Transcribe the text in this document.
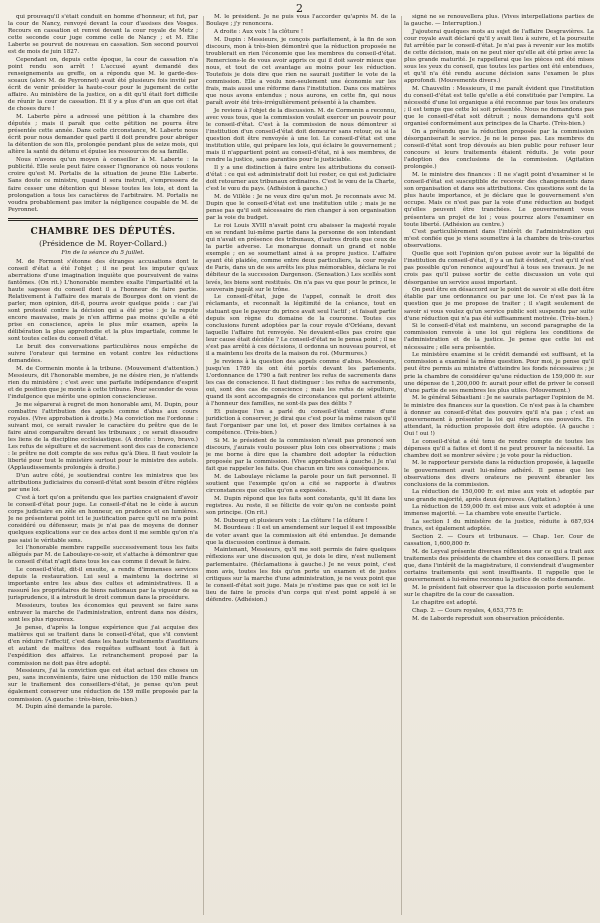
2

qui prouvaqu'il s'était conduit en homme d'honneur, et fut, par la cour de Nancy, renvoyé devant la cour d'assises des Vosges. Recours en cassation et renvoi devant la cour royale de Metz ; cette seconde cour juge comme celle de Nancy ; et M. Elie Laberte se pourvut de nouveau en cassation. Son second pourvoi est de mois de juin 1827.

Cependant on, depuis cette époque, la cour de cassation n'a point rendu son arrêt ! L'accusé ayant demandé des renseignements au greffe, on a répondu que M. le garde-des-sceaux (alors M. de Peyronnet) avait été plusieurs fois invité par écrit de venir présider la haute-cour pour le jugement de cette affaire. Au ministère de la justice, on a dit qu'il était fort difficile de réunir la cour de cassation. Et il y a plus d'un an que cet état de choses dure !

M. Laberte père a adressé une pétition à la chambre des députés ; mais il paraît que cette pétition ne pourra être présentée cette année. Dans cette circonstance, M. Laberte nous écrit pour nous demander quel parti il doit prendre pour abréger la détention de son fils, prolongée pendant plus de seize mois, qui altère la santé du détenu et épuise les ressources de sa famille.

Nous n'avons qu'un moyen à conseiller à M. Laberte : la publicité. Elle seule peut faire cesser l'ignorance où nous voulons croire qu'est M. Portalis de la situation de jeune Elie Laberte. Sans doute ce ministre, quand il sera instruit, s'empressera de faire cesser une détention qui blesse toutes les lois, et dont la prolongation a tous les caractères de l'arbitraire. M. Portalis ne voudra probablement pas imiter la négligence coupable de M. de Peyronnet.

CHAMBRE DES DÉPUTÉS.
(Présidence de M. Royer-Collard.)
Fin de la séance du 5 juillet.

M. de Formont s'étonne des étranges accusations dont le conseil d'état a été l'objet ; il ne peut les imputer qu'aux aberrations d'une imagination inquiète que poursuivent de vains fantômes. (On rit.) L'honorable membre exalte l'impartialité et la haute sagesse du conseil dont il a l'honneur de faire partie. Relativement à l'affaire des marais de Bourges dont on vient de parler, mon opinion, dit-il, pourra avoir quelque poids : car j'ai sont protesté contre la décision qui a été prise : je la repute encore mauvaise, mais je n'en affirme pas moins qu'elle a été prise en conscience, après le plus mûr examen, après la délibération la plus approfondie et la plus impartiale, comme le sont toutes celles du conseil d'état.

Le bruit des conversations particulières nous empêche de suivre l'orateur qui termine en votant contre les réductions demandées.

M. de Cormenin monte à la tribune. (Mouvement d'attention.) Messieurs, dit l'honorable membre, je ne désire rien, je n'attends rien du ministère ; c'est avec une parfaite indépendance d'esprit et de position que je monte à cette tribune. Pour seconder de vous l'indulgence que mérite une opinion consciencieuse.

Je me séparerai à regret de mon honorable ami, M. Dupin, pour combattre l'attribution des appels comme d'abus aux cours royales. (Vive approbation à droite.) Ma conviction me l'ordonne : suivant moi, ce serait ravaler le caractère du prêtre que de le faire ainsi comparaître devant les tribunaux ; ce serait dissoudre les liens de la discipline ecclésiastique. (A droite : bravo, bravo.) Les refus de sépulture et de sacrement sont des cas de conscience : le prêtre ne doit compte de ses refus qu'à Dieu. Il faut vouloir la liberté pour tout le ministère surtout pour le ministre des autels. (Applaudissements prolongés à droite.)

D'un autre côté, je soutiendrai contre les ministres que les attributions judiciaires du conseil-d'état sont besoin d'être réglées par une loi.

C'est à tort qu'on a prétendu que les parties craignaient d'avoir le conseil-d'état pour juge. Le conseil-d'état ne le cède à aucun corps judiciaire en zèle en honneur, en prudence et en lumières. Je ne présenterai point ici le justification parce qu'il ne m'a point considéré ou défenseur, mais je n'ai pas de moyens de donner quelques explications sur ce des actes dont il me semble qu'on n'a pas saisi le véritable sens.

Ici l'honorable membre rappelle successivement tous les faits allégués par M. de Laboulaye-ce-soir, et s'attache à démontrer que le conseil d'état n'agit dans tous les cas comme il devait le faire.

Le conseil-d'état, dit-il ensuite, a rendu d'immenses services depuis la restauration. Lui seul a maintenu la doctrine si importante entre les abus des cultes et administratives. Il a rassuré les propriétaires de biens nationaux par la vigueur de sa jurisprudence, il a introduit le droit commun dans la procédure.

Messieurs, toutes les économies qui peuvent se faire sans entraver la marche de l'administration, entrent dans nos désirs, sont les plus rigoureux.

Je pense, d'après la longue expérience que j'ai acquise des matières qui se traitent dans le conseil-d'état, que s'il convient d'en réduire l'effectif, c'est dans les hauts traitements d'auditeurs et autant de maîtres des requêtes suffisant tout à fait à l'expédition des affaires. Le retranchement proposé par la commission ne doit pas être adopté.

Messieurs, j'ai la conviction que cet état actuel des choses un peu, sans inconvénients, faire une réduction de 150 mille francs sur le traitement des conseillers-d'état, je pense qu'on peut également conserver une réduction de 159 mille proposée par la commission. (A gauche : très-bien, très-bien.)

M. Dupin aîné demande la parole.

M. le président. Je ne puis vous l'accorder qu'après M. de la Boulaye ; j'y renoncera.

A droite : Aux voix ! la clôture !

M. Dupin : Messieurs, je conçois parfaitement, à la fin de son discours, mon à très-bien démontré que la réduction proposée ne troublerait en rien l'économie que les membres du conseil-d'état. Remercions-le de vous avoir appris ce qui il doit savoir mieux que nous, et tout de cet avantage au moins pour les réduction. Toutefois je dois dire que rien ne saurait justifier le vote de la commission. Elle a voulu non-seulement une économie sur les frais, mais aussi une réforme dans l'institution. Dans ces matières que nous avons entendus ; nous aurons, en cette fin, qui nous paraît avoir été très-irrégulièrement présenté à la chambre.

Je reviens à l'objet de la discussion. M. de Cormenin a reconnu, avec vous tous, que la commission voulait exercer un pouvoir pour le conseil-d'état. C'est à la commission de nous démontrer si l'institution d'un conseil-d'état doit demeurer sans retour, ou si la question doit être renvoyée à une loi. Le conseil-d'état est une institution utile, qui prépare les lois, qui éclaire le gouvernement ; mais il n'appartient point au conseil-d'état, ni à ses membres, de rendre la justice, sans garanties pour le justiciable.

Il y a une distinction à faire entre les attributions du conseil-d'état : ce qui est administratif doit lui rester, ce qui est judiciaire doit retourner aux tribunaux ordinaires. C'est le vœu de la Charte, c'est le vœu du pays. (Adhésion à gauche.)

M. de Villèle : Je ne veux dire qu'un mot. Je reconnais avec M. Dupin que le conseil-d'état est une institution utile ; mais je ne pense pas qu'il soit nécessaire de rien changer à son organisation par la voie du budget.

Le roi Louis XVIII n'avait point cru abaisser la majesté royale en se rendant lui-même partie dans la personne de son intendant qui n'avait en présence des tribunaux, d'autres droits que ceux de la partie adverse. Le monarque donnait un grand et noble exemple ; en se soumettant ainsi à sa propre justice. L'affaire ayant été plaidée, comme entre deux particuliers, la cour royale de Paris, dans un de ses arrêts les plus mémorables, déclara le roi débiteur de la succession Dargenson. (Sensation.) Les scellés sont levés, les biens sont restitués. On n'a pas vu que pour le prince, le souverain jugeât sur le trône.

Le conseil-d'état, juge de l'appel, connaît le droit des réclamants, et reconnaît la légitimité de la créance, tout en statuant que le payeur du prince avait seul l'actif ; et faisait partie depuis son règne du domaine de la couronne. Toutes ces conclusions furent adoptées par la cour royale d'Orléans, devant laquelle l'affaire fut renvoyée. Ne devaient-elles pas croire que leur cause était décidée ? Le conseil-d'état ne le pensa point ; il ne s'est pas arrêté à ces décisions, il ordonna un nouveau pourvoi, et il a maintenu les droits de la maison du roi. (Murmures.)

Je reviens à la question des appels comme d'abus. Messieurs, jusqu'en 1789 ils ont été portés devant les parlements. L'ordonnance de 1790 a fait rentrer les refus de sacrements dans les cas de conscience. Il faut distinguer : les refus de sacrements, oui, sont des cas de conscience ; mais les refus de sépulture, quand ils sont accompagnés de circonstances qui portent atteinte à l'honneur des familles, ne sont-ils pas des délits ?

Et puisque l'on a parlé du conseil-d'état comme d'une juridiction à conserver, je dirai que c'est pour la même raison qu'il faut l'organiser par une loi, et poser des limites certaines à sa compétence. (Très-bien.)

Si M. le président de la commission n'avait pas prononcé son discours, j'aurais voulu pousser plus loin ces observations ; mais je me borne à dire que la chambre doit adopter la réduction proposée par la commission. (Vive approbation à gauche.) Je n'ai fait que rappeler les faits. Que chacun en tire ses conséquences.

M. de Laboulaye réclame la parole pour un fait personnel. Il soutient que l'exemple qu'on a cité se rapporte à d'autres circonstances que celles qu'on a exposées.

M. Dupin répond que les faits sont constants, qu'il lit dans les registres. Au reste, il se félicite de voir qu'on ne conteste point son principe. (On rit.)

M. Dubourg et plusieurs voix : La clôture ! la clôture !

M. Bourdeau : Il est un amendement sur lequel il est impossible de voter avant que la commission ait été entendue. Je demande que la discussion continue à demain.

Maintenant, Messieurs, qu'il me soit permis de faire quelques réflexions sur une discussion qui, je dois le dire, n'est nullement parlementaire. (Réclamations à gauche.) Je ne veux point, c'est mon avis, toutes les fois qu'on porte un examen et de justes critiques sur la marche d'une administration, je ne veux point que le conseil-d'état soit juge. Mais je n'estime pas que ce soit ici le lieu de faire le procès d'un corps qui n'est point appelé à se défendre. (Adhésion.)

signé ne se renouvellera plus. (Vives interpellations parties de la gauche. — Interruption.)

J'ajouterai quelques mots au sujet de l'affaire Desgravières. La cour royale avait déclaré qu'il y avait lieu à suivre, et la poursuite fut arrêtée par le conseil-d'état. Je n'ai pas à revenir sur les motifs de cette décision, mais on ne peut nier qu'elle ait été prise avec la plus grande maturité. Je rappellerai que les pièces ont été mises sous les yeux du conseil, que toutes les parties ont été entendues, et qu'il n'a été rendu aucune décision sans l'examen le plus approfondi. (Mouvements divers.)

M. Chauvelin : Messieurs, il me paraît évident que l'institution du conseil-d'état est telle qu'elle a été constituée par l'empire. La nécessité d'une loi organique a été reconnue par tous les orateurs ; il est temps que cette loi soit présentée. Nous ne demandons pas que le conseil-d'état soit détruit ; nous demandons qu'il soit organisé conformément aux principes de la Charte. (Très-bien.)

On a prétendu que la réduction proposée par la commission désorganiserait le service. Je ne le pense pas. Les membres du conseil-d'état sont trop dévoués au bien public pour refuser leur concours si leurs traitements étaient réduits. Je vote pour l'adoption des conclusions de la commission. (Agitation prolongée.)

M. le ministre des finances : Il ne s'agit point d'examiner si le conseil-d'état est susceptible de recevoir des changements dans son organisation et dans ses attributions. Ces questions sont de la plus haute importance, et je déclare que le gouvernement s'en occupe. Mais ce n'est pas par la voie d'une réduction au budget qu'elles peuvent être tranchées. Le gouvernement vous présentera un projet de loi ; vous pourrez alors l'examiner en toute liberté. (Adhésion au centre.)

C'est particulièrement dans l'intérêt de l'administration qui m'est confiée que je viens soumettre à la chambre de très-courtes observations.

Quelle que soit l'opinion qu'on puisse avoir sur la légalité de l'institution du conseil-d'état, il y a un fait évident, c'est qu'il n'est pas possible qu'on renonce aujourd'hui à tous ses travaux. Je ne crois pas qu'il puisse sortir de cette discussion un vote qui désorganise un service aussi important.

On peut être en désaccord sur le point de savoir si elle doit être établie par une ordonnance ou par une loi. Ce n'est pas là la question que je me propose de traiter ; il s'agit seulement de savoir si vous voulez qu'un service public soit suspendu par suite d'une réduction qui n'a pas été suffisamment motivée. (Très-bien.)

Si le conseil-d'état est maintenu, un second paragraphe de la commission renvoie à une loi qui réglera les conditions de l'administration et de la justice. Je pense que cette loi est nécessaire ; elle sera présentée.

Le ministère examine si le crédit demandé est suffisant, et la commission a examiné la même question. Pour moi, je pense qu'il peut être permis au ministre d'atteindre les fonds nécessaires ; je prie la chambre de considérer qu'une réduction de 159,000 fr. sur une dépense de 1,200,000 fr. aurait pour effet de priver le conseil d'une partie de ses membres les plus utiles. (Mouvement.)

M. le général Sébastiani : Je ne saurais partager l'opinion de M. le ministre des finances sur la question. Ce n'est pas à la chambre à donner au conseil-d'état des pouvoirs qu'il n'a pas ; c'est au gouvernement à présenter la loi qui réglera ces pouvoirs. En attendant, la réduction proposée doit être adoptée. (A gauche : Oui ! oui !)

Le conseil-d'état a été tenu de rendre compte de toutes les dépenses qu'il a faites et dont il ne peut prouver la nécessité. La chambre doit se montrer sévère ; je vote pour la réduction.

M. le rapporteur persiste dans la réduction proposée, à laquelle le gouvernement avait lui-même adhéré. Il pense que les observations des divers orateurs ne peuvent ébranler les conclusions de la commission.

La réduction de 150,000 fr. est mise aux voix et adoptée par une grande majorité, après deux épreuves. (Agitation.)

La réduction de 159,000 fr. est mise aux voix et adoptée à une immense majorité. — La chambre vote ensuite l'article.

La section I du ministère de la justice, réduite à 687,934 francs, est également adoptée.

Section 2. — Cours et tribunaux. — Chap. 1er. Cour de cassation, 1,600,800 fr.

M. de Leyval présente diverses réflexions sur ce qui a trait aux traitements des présidents de chambre et des conseillers. Il pense que, dans l'intérêt de la magistrature, il conviendrait d'augmenter certains traitements qui sont insuffisants. Il rappelle que le gouvernement a lui-même reconnu la justice de cette demande.

M. le président fait observer que la discussion porte seulement sur le chapitre de la cour de cassation.

Le chapitre est adopté.

Chap. 2. — Cours royales, 4,653,775 fr.

M. de Laborde reproduit son observation précédente.
